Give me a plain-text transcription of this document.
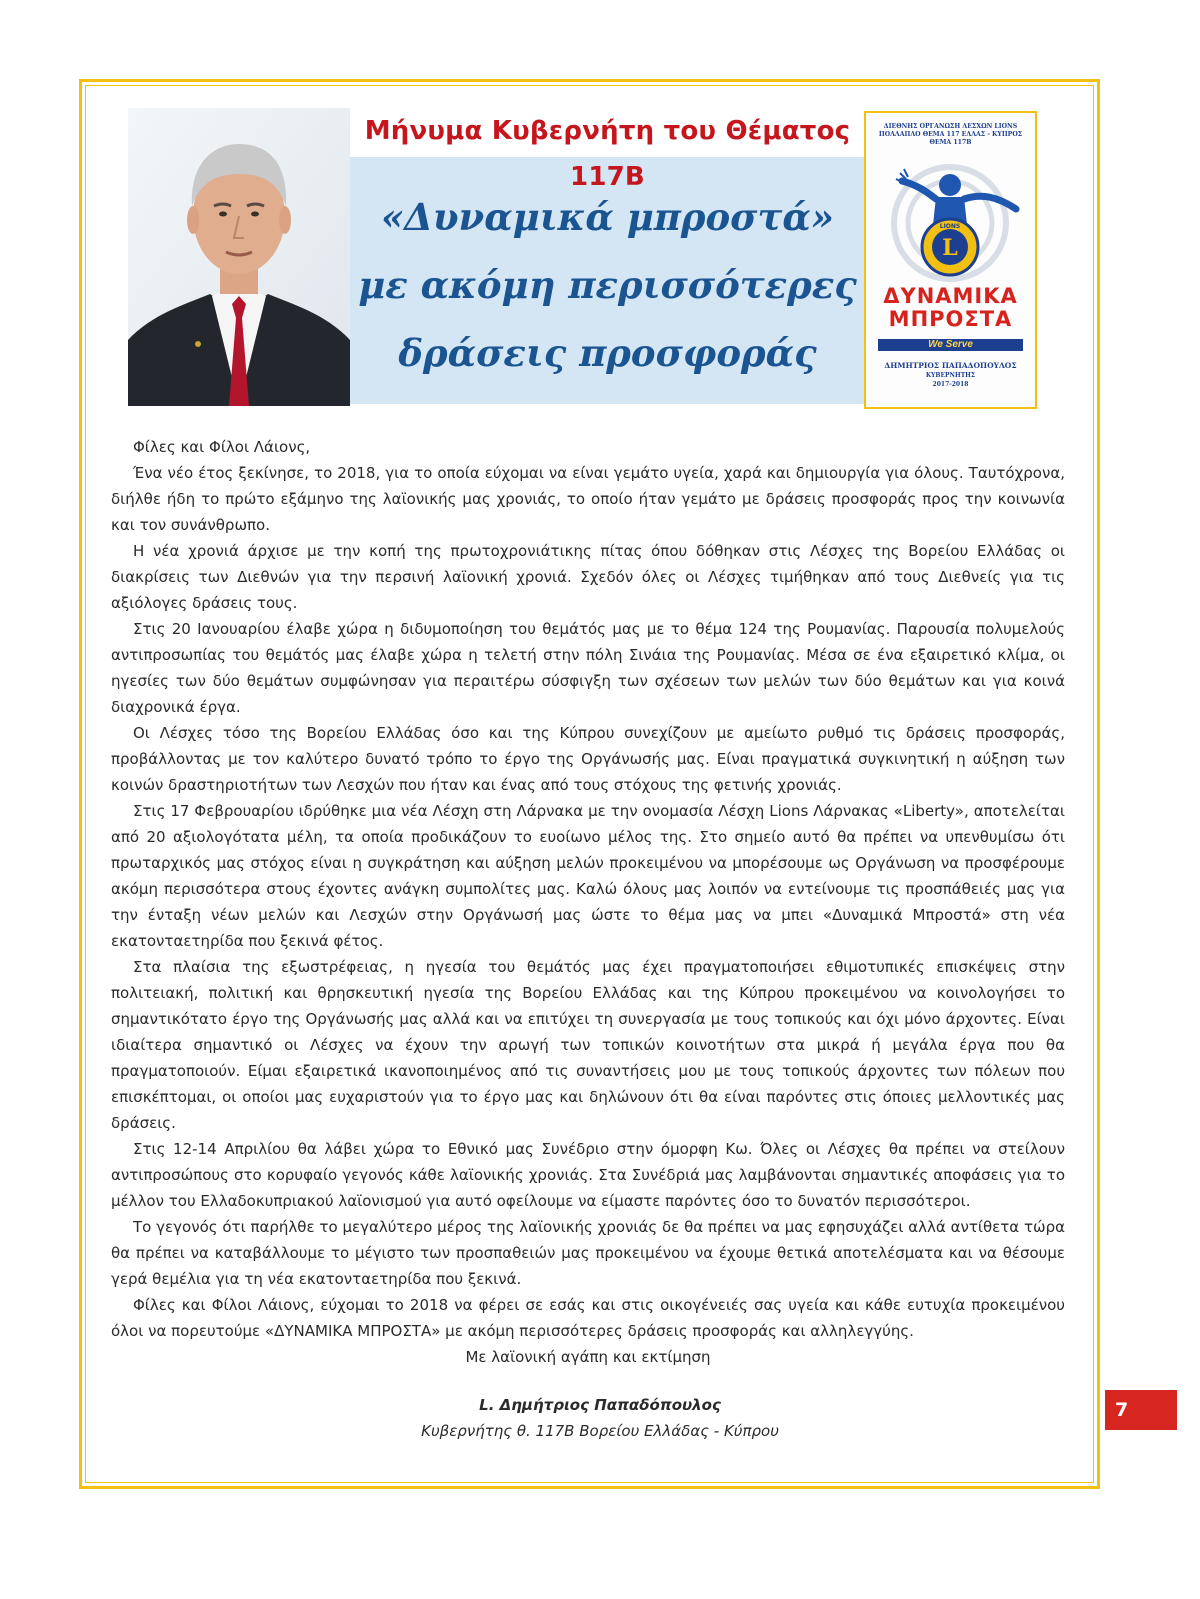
Μήνυμα Κυβερνήτη του Θέματος 117Β
«Δυναμικά μπροστά»
με ακόμη περισσότερες
δράσεις προσφοράς
ΔΙΕΘΝΗΣ ΟΡΓΑΝΩΣΗ ΛΕΣΧΩΝ LIONS
ΠΟΛΛΑΠΛΟ ΘΕΜΑ 117 ΕΛΛΑΣ - ΚΥΠΡΟΣ
ΘΕΜΑ 117Β
L
LIONS
ΔΥΝΑΜΙΚΑ
ΜΠΡΟΣΤΑ
We Serve
ΔΗΜΗΤΡΙΟΣ ΠΑΠΑΔΟΠΟΥΛΟΣ
ΚΥΒΕΡΝΗΤΗΣ
2017-2018

Φίλες και Φίλοι Λάιονς,

Ένα νέο έτος ξεκίνησε, το 2018, για το οποία εύχομαι να είναι γεμάτο υγεία, χαρά και δημιουργία για όλους. Ταυτόχρονα, διήλθε ήδη το πρώτο εξάμηνο της λαϊονικής μας χρονιάς, το οποίο ήταν γεμάτο με δράσεις προσφοράς προς την κοινωνία και τον συνάνθρωπο.

Η νέα χρονιά άρχισε με την κοπή της πρωτοχρονιάτικης πίτας όπου δόθηκαν στις Λέσχες της Βορείου Ελλάδας οι διακρίσεις των Διεθνών για την περσινή λαϊονική χρονιά. Σχεδόν όλες οι Λέσχες τιμήθηκαν από τους Διεθνείς για τις αξιόλογες δράσεις τους.

Στις 20 Ιανουαρίου έλαβε χώρα η διδυμοποίηση του θεμάτός μας με το θέμα 124 της Ρουμανίας. Παρουσία πολυμελούς αντιπροσωπίας του θεμάτός μας έλαβε χώρα η τελετή στην πόλη Σινάια της Ρουμανίας. Μέσα σε ένα εξαιρετικό κλίμα, οι ηγεσίες των δύο θεμάτων συμφώνησαν για περαιτέρω σύσφιγξη των σχέσεων των μελών των δύο θεμάτων και για κοινά διαχρονικά έργα.

Οι Λέσχες τόσο της Βορείου Ελλάδας όσο και της Κύπρου συνεχίζουν με αμείωτο ρυθμό τις δράσεις προσφοράς, προβάλλοντας με τον καλύτερο δυνατό τρόπο το έργο της Οργάνωσής μας. Είναι πραγματικά συγκινητική η αύξηση των κοινών δραστηριοτήτων των Λεσχών που ήταν και ένας από τους στόχους της φετινής χρονιάς.

Στις 17 Φεβρουαρίου ιδρύθηκε μια νέα Λέσχη στη Λάρνακα με την ονομασία Λέσχη Lions Λάρνακας «Liberty», αποτελείται από 20 αξιολογότατα μέλη, τα οποία προδικάζουν το ευοίωνο μέλος της. Στο σημείο αυτό θα πρέπει να υπενθυμίσω ότι πρωταρχικός μας στόχος είναι η συγκράτηση και αύξηση μελών προκειμένου να μπορέσουμε ως Οργάνωση να προσφέρουμε ακόμη περισσότερα στους έχοντες ανάγκη συμπολίτες μας. Καλώ όλους μας λοιπόν να εντείνουμε τις προσπάθειές μας για την ένταξη νέων μελών και Λεσχών στην Οργάνωσή μας ώστε το θέμα μας να μπει «Δυναμικά Μπροστά» στη νέα εκατονταετηρίδα που ξεκινά φέτος.

Στα πλαίσια της εξωστρέφειας, η ηγεσία του θεμάτός μας έχει πραγματοποιήσει εθιμοτυπικές επισκέψεις στην πολιτειακή, πολιτική και θρησκευτική ηγεσία της Βορείου Ελλάδας και της Κύπρου προκειμένου να κοινολογήσει το σημαντικότατο έργο της Οργάνωσής μας αλλά και να επιτύχει τη συνεργασία με τους τοπικούς και όχι μόνο άρχοντες. Είναι ιδιαίτερα σημαντικό οι Λέσχες να έχουν την αρωγή των τοπικών κοινοτήτων στα μικρά ή μεγάλα έργα που θα πραγματοποιούν. Είμαι εξαιρετικά ικανοποιημένος από τις συναντήσεις μου με τους τοπικούς άρχοντες των πόλεων που επισκέπτομαι, οι οποίοι μας ευχαριστούν για το έργο μας και δηλώνουν ότι θα είναι παρόντες στις όποιες μελλοντικές μας δράσεις.

Στις 12-14 Απριλίου θα λάβει χώρα το Εθνικό μας Συνέδριο στην όμορφη Κω. Όλες οι Λέσχες θα πρέπει να στείλουν αντιπροσώπους στο κορυφαίο γεγονός κάθε λαϊονικής χρονιάς. Στα Συνέδριά μας λαμβάνονται σημαντικές αποφάσεις για το μέλλον του Ελλαδοκυπριακού λαϊονισμού για αυτό οφείλουμε να είμαστε παρόντες όσο το δυνατόν περισσότεροι.

Το γεγονός ότι παρήλθε το μεγαλύτερο μέρος της λαϊονικής χρονιάς δε θα πρέπει να μας εφησυχάζει αλλά αντίθετα τώρα θα πρέπει να καταβάλλουμε το μέγιστο των προσπαθειών μας προκειμένου να έχουμε θετικά αποτελέσματα και να θέσουμε γερά θεμέλια για τη νέα εκατονταετηρίδα που ξεκινά.

Φίλες και Φίλοι Λάιονς, εύχομαι το 2018 να φέρει σε εσάς και στις οικογένειές σας υγεία και κάθε ευτυχία προκειμένου όλοι να πορευτούμε «ΔΥΝΑΜΙΚΑ ΜΠΡΟΣΤΑ» με ακόμη περισσότερες δράσεις προσφοράς και αλληλεγγύης.

Με λαϊονική αγάπη και εκτίμηση

L. Δημήτριος Παπαδόπουλος
Κυβερνήτης θ. 117Β Βορείου Ελλάδας - Κύπρου
7
